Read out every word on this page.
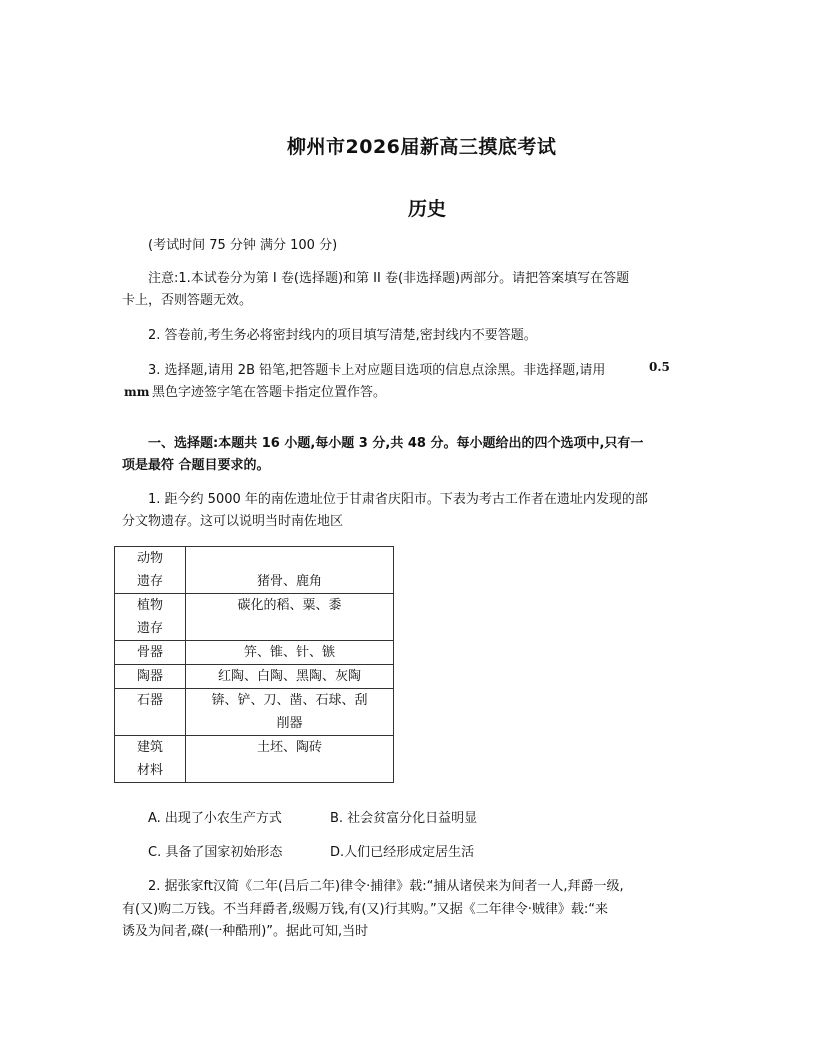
柳州市2026届新高三摸底考试
历史
(考试时间 75 分钟 满分 100 分)
注意:1.本试卷分为第 I 卷(选择题)和第 II 卷(非选择题)两部分。请把答案填写在答题
卡上，否则答题无效。
2. 答卷前,考生务必将密封线内的项目填写清楚,密封线内不要答题。
3. 选择题,请用 2B 铅笔,把答题卡上对应题目选项的信息点涂黑。非选择题,请用	0.5
mm 黑色字迹签字笔在答题卡指定位置作答。
一、选择题:本题共 16 小题,每小题 3 分,共 48 分。每小题给出的四个选项中,只有一
项是最符 合题目要求的。
1. 距今约 5000 年的南佐遗址位于甘肃省庆阳市。下表为考古工作者在遗址内发现的部
分文物遗存。这可以说明当时南佐地区
动物
遗存	猪骨、鹿角

植物
遗存	碳化的稻、粟、黍

骨器	笄、锥、针、镞

陶器	红陶、白陶、黑陶、灰陶

石器	锛、铲、刀、凿、石球、刮
削器

建筑
材料	土坯、陶砖
A. 出现了小农生产方式	B. 社会贫富分化日益明显
C. 具备了国家初始形态	D.人们已经形成定居生活
2. 据张家ft汉简《二年(吕后二年)律令·捕律》载:“捕从诸侯来为间者一人,拜爵一级,
有(又)购二万钱。不当拜爵者,级赐万钱,有(又)行其购。”又据《二年律令·贼律》载:“来
诱及为间者,磔(一种酷刑)”。据此可知,当时
